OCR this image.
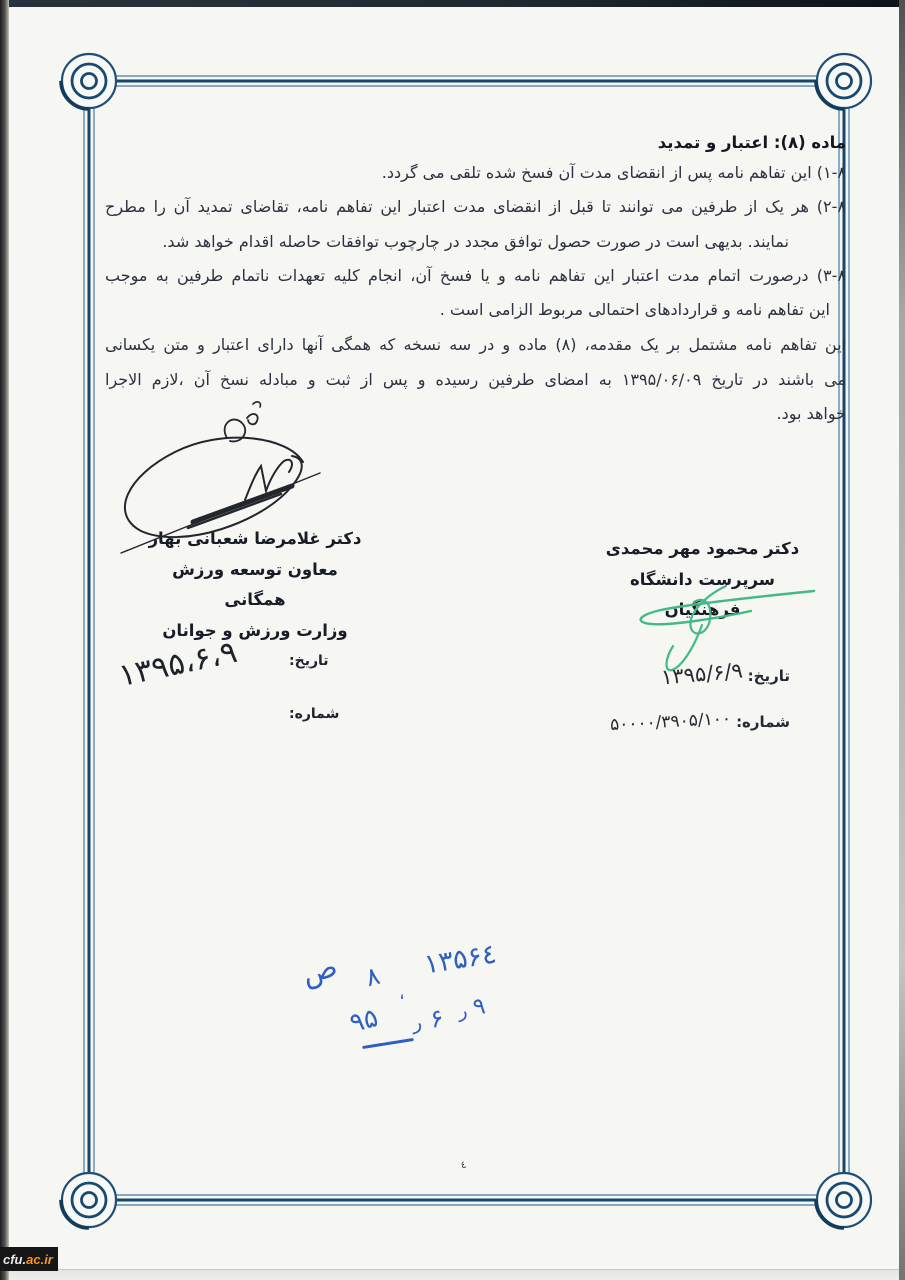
ماده (۸): اعتبار و تمدید
۱-۸) این تفاهم نامه پس از انقضای مدت آن فسخ شده تلقی می گردد.
۲-۸) هر یک از طرفین می توانند تا قبل از انقضای مدت اعتبار این تفاهم نامه، تقاضای تمدید آن را مطرح
نمایند. بدیهی است در صورت حصول توافق مجدد در چارچوب توافقات حاصله اقدام خواهد شد.
۳-۸) درصورت اتمام مدت اعتبار این تفاهم نامه و یا فسخ آن، انجام کلیه تعهدات ناتمام طرفین به موجب
این تفاهم نامه و قراردادهای احتمالی مربوط الزامی است .
این تفاهم نامه مشتمل بر یک مقدمه، (۸) ماده و در سه نسخه که همگی آنها دارای اعتبار و متن یکسانی
می باشند در تاریخ ۱۳۹۵/۰۶/۰۹ به امضای طرفین رسیده و پس از ثبت و مبادله نسخ آن ،لازم الاجرا
خواهد بود.
دکتر غلامرضا شعبانی بهار
معاون توسعه ورزش همگانی
وزارت ورزش و جوانان
دکتر محمود مهر محمدی
سرپرست دانشگاه فرهنگیان
تاریخ: ۱۳۹۵/۶/۹
شماره: ۵۰۰۰۰/۳۹۰۵/۱۰۰
تاریخ:
۱۳۹۵،۶،۹
شماره:
۱۳۵۶٤
،
۸
ص
۹۵ ر ۶ ر ۹
٤
cfu. ac.ir
